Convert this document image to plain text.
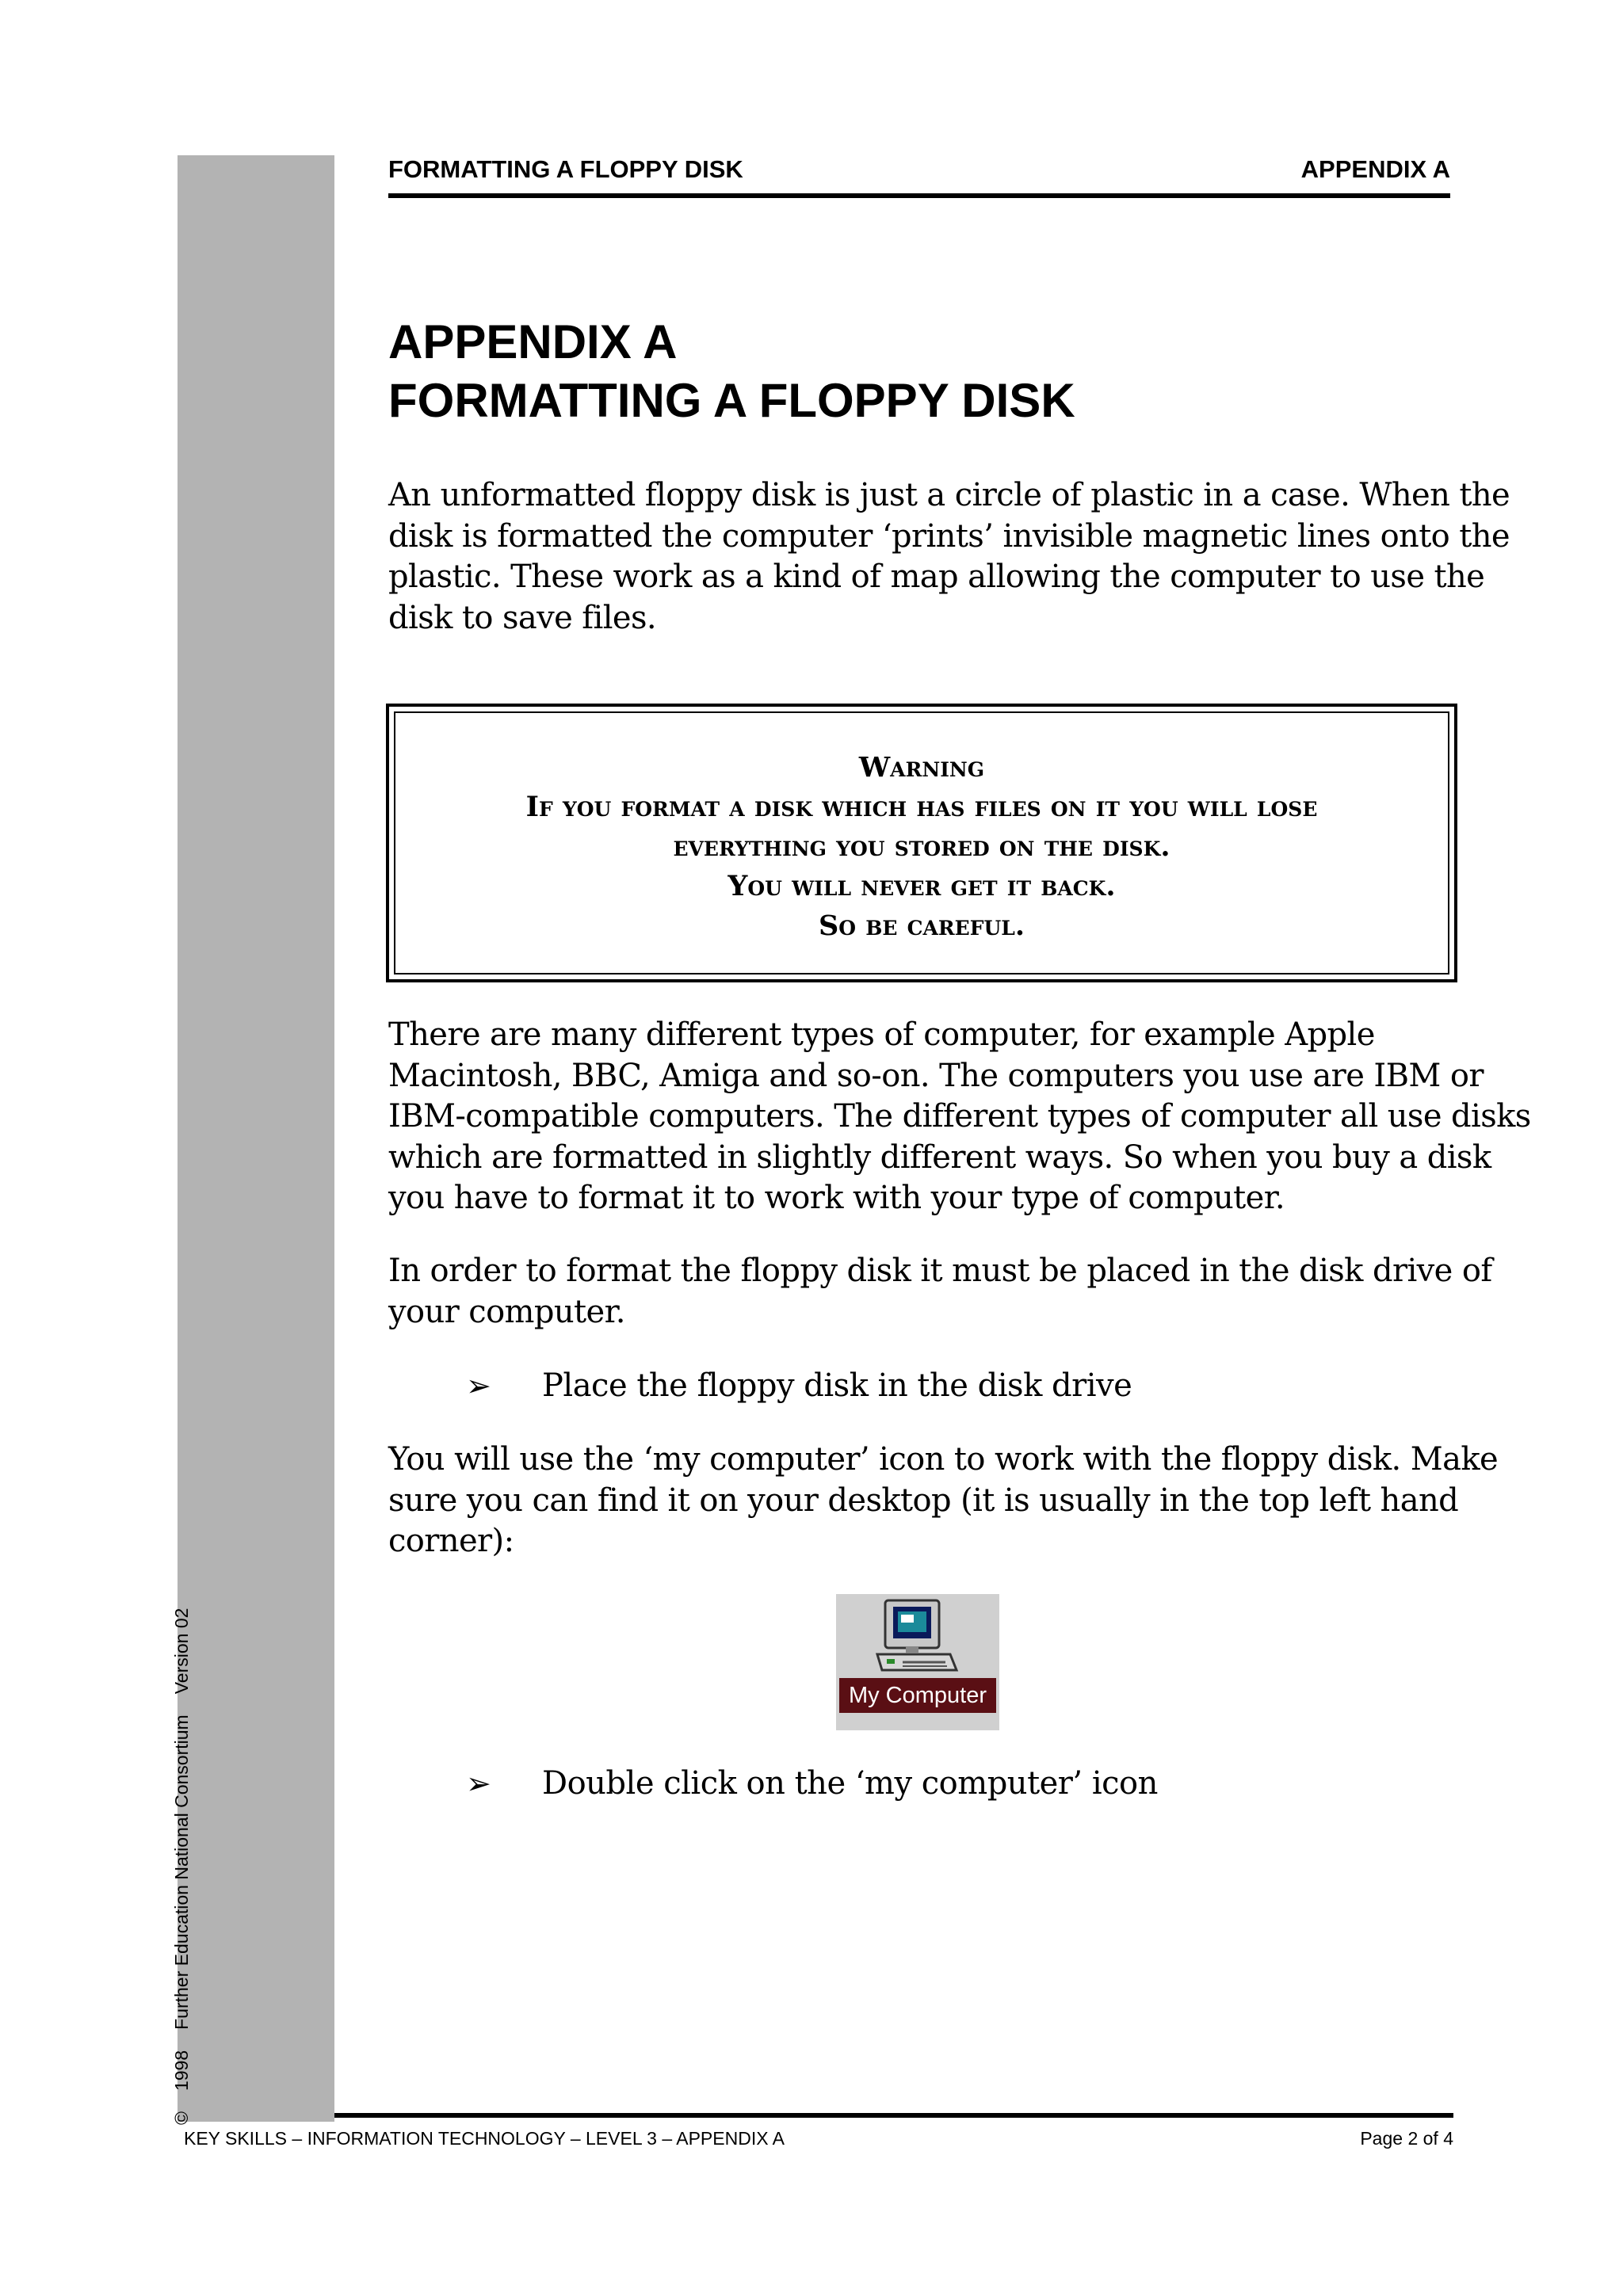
©1998Further Education National ConsortiumVersion 02
FORMATTING A FLOPPY DISK	APPENDIX A
APPENDIX A
FORMATTING A FLOPPY DISK
An unformatted floppy disk is just a circle of plastic in a case. When the
disk is formatted the computer ‘prints’ invisible magnetic lines onto the
plastic. These work as a kind of map allowing the computer to use the
disk to save files.
Warning
If you format a disk which has files on it you will lose
everything you stored on the disk.
You will never get it back.
So be careful.
There are many different types of computer, for example Apple
Macintosh, BBC, Amiga and so-on. The computers you use are IBM or
IBM-compatible computers. The different types of computer all use disks
which are formatted in slightly different ways. So when you buy a disk
you have to format it to work with your type of computer.
In order to format the floppy disk it must be placed in the disk drive of
your computer.
➢ Place the floppy disk in the disk drive
You will use the ‘my computer’ icon to work with the floppy disk. Make
sure you can find it on your desktop (it is usually in the top left hand
corner):
My Computer
➢ Double click on the ‘my computer’ icon
KEY SKILLS – INFORMATION TECHNOLOGY – LEVEL 3 – APPENDIX A	Page 2 of 4
